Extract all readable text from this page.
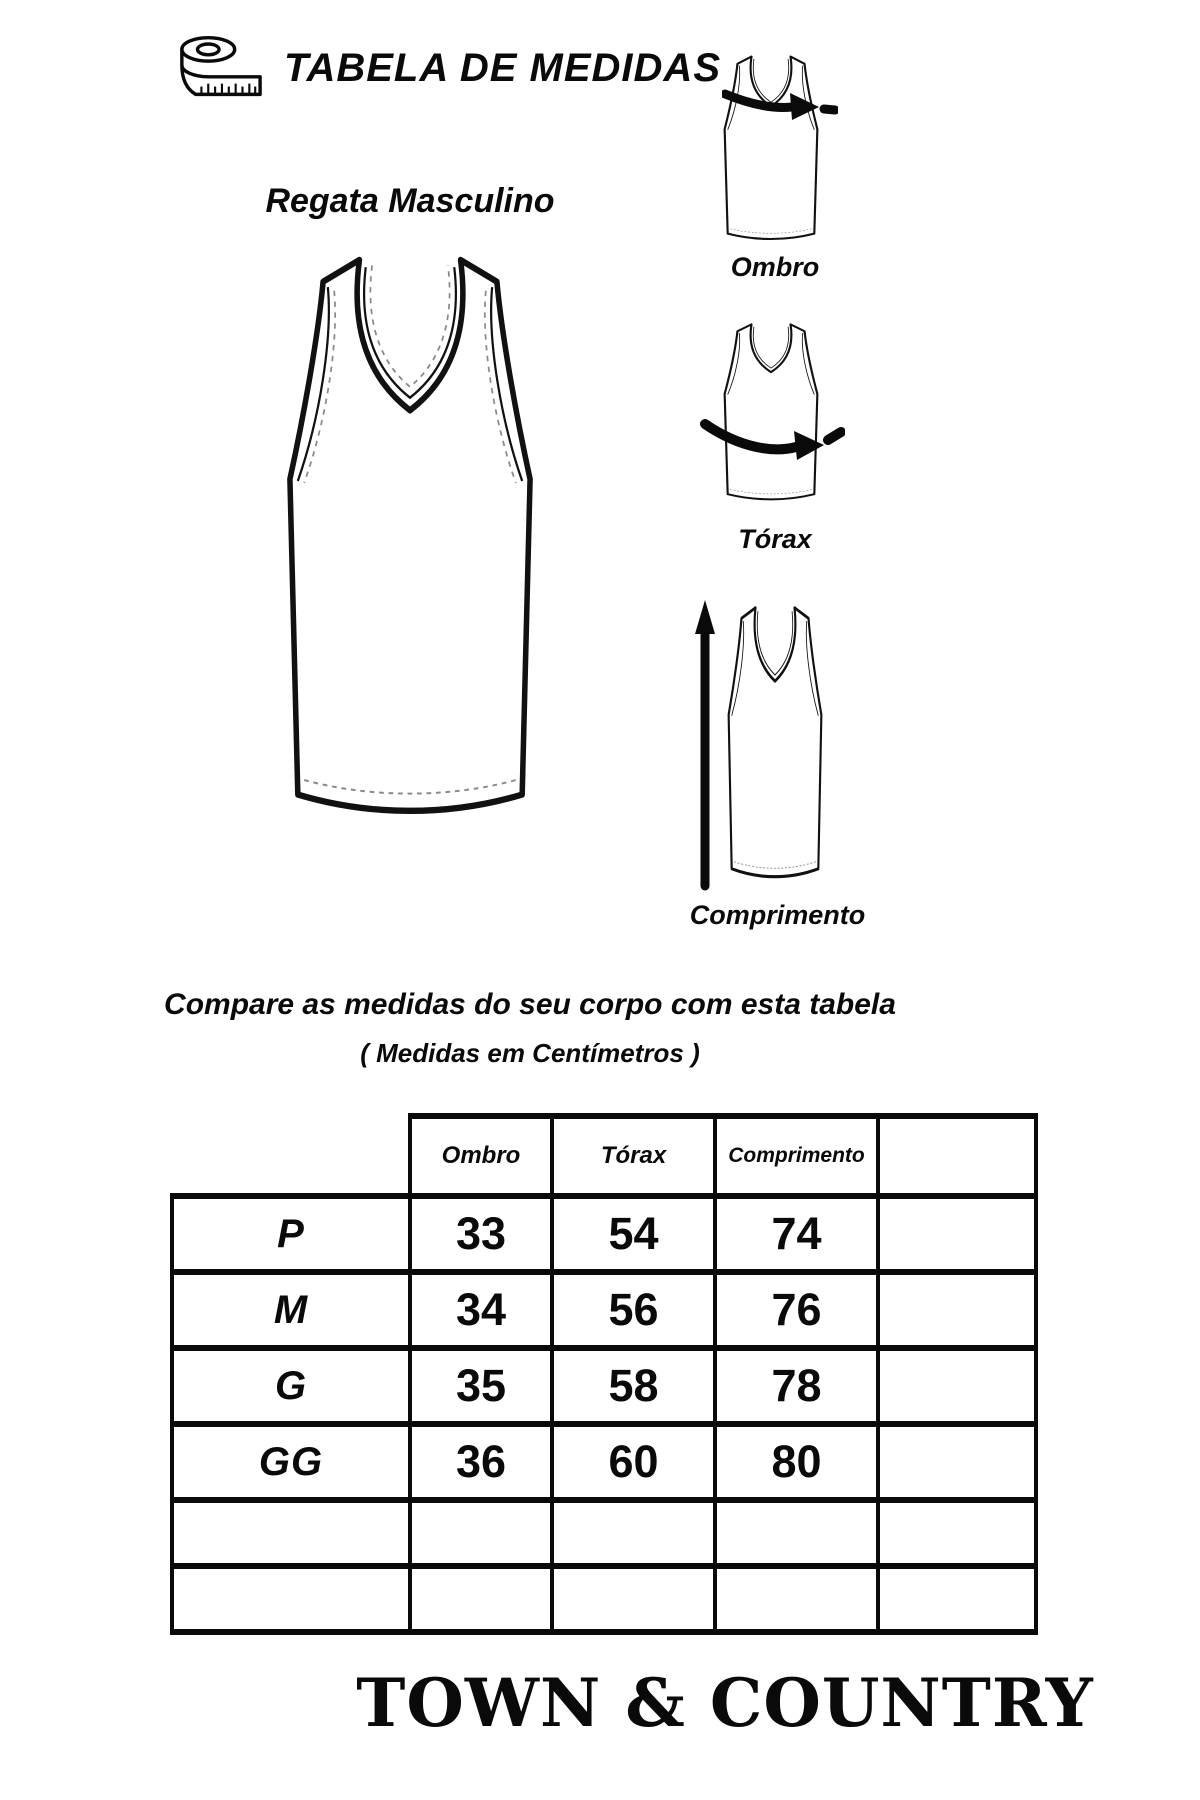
TABELA DE MEDIDAS
Regata Masculino
Ombro
Tórax
Comprimento
Compare as medidas do seu corpo com esta tabela
( Medidas em Centímetros )
	Ombro	Tórax	Comprimento	
P	33	54	74	
M	34	56	76	
G	35	58	78	
GG	36	60	80	

TOWN & COUNTRY
